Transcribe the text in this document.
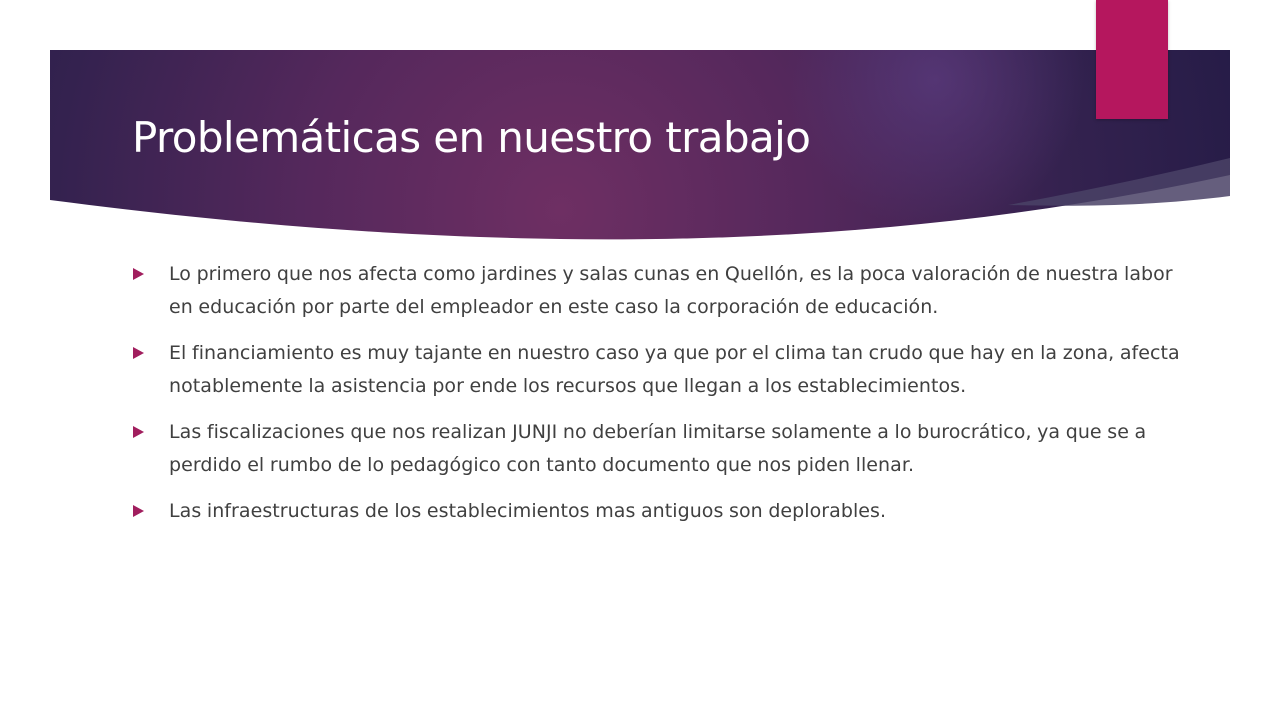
Problemáticas en nuestro trabajo
Lo primero que nos afecta como jardines y salas cunas en Quellón, es la poca valoración de nuestra labor en educación por parte del empleador en este caso la corporación de educación.
El financiamiento es muy tajante en nuestro caso ya que por el clima tan crudo que hay en la zona, afecta notablemente la asistencia por ende los recursos que llegan a los establecimientos.
Las fiscalizaciones que nos realizan JUNJI no deberían limitarse solamente a lo burocrático, ya que se a perdido el rumbo de lo pedagógico con tanto documento que nos piden llenar.
Las infraestructuras de los establecimientos mas antiguos son deplorables.
